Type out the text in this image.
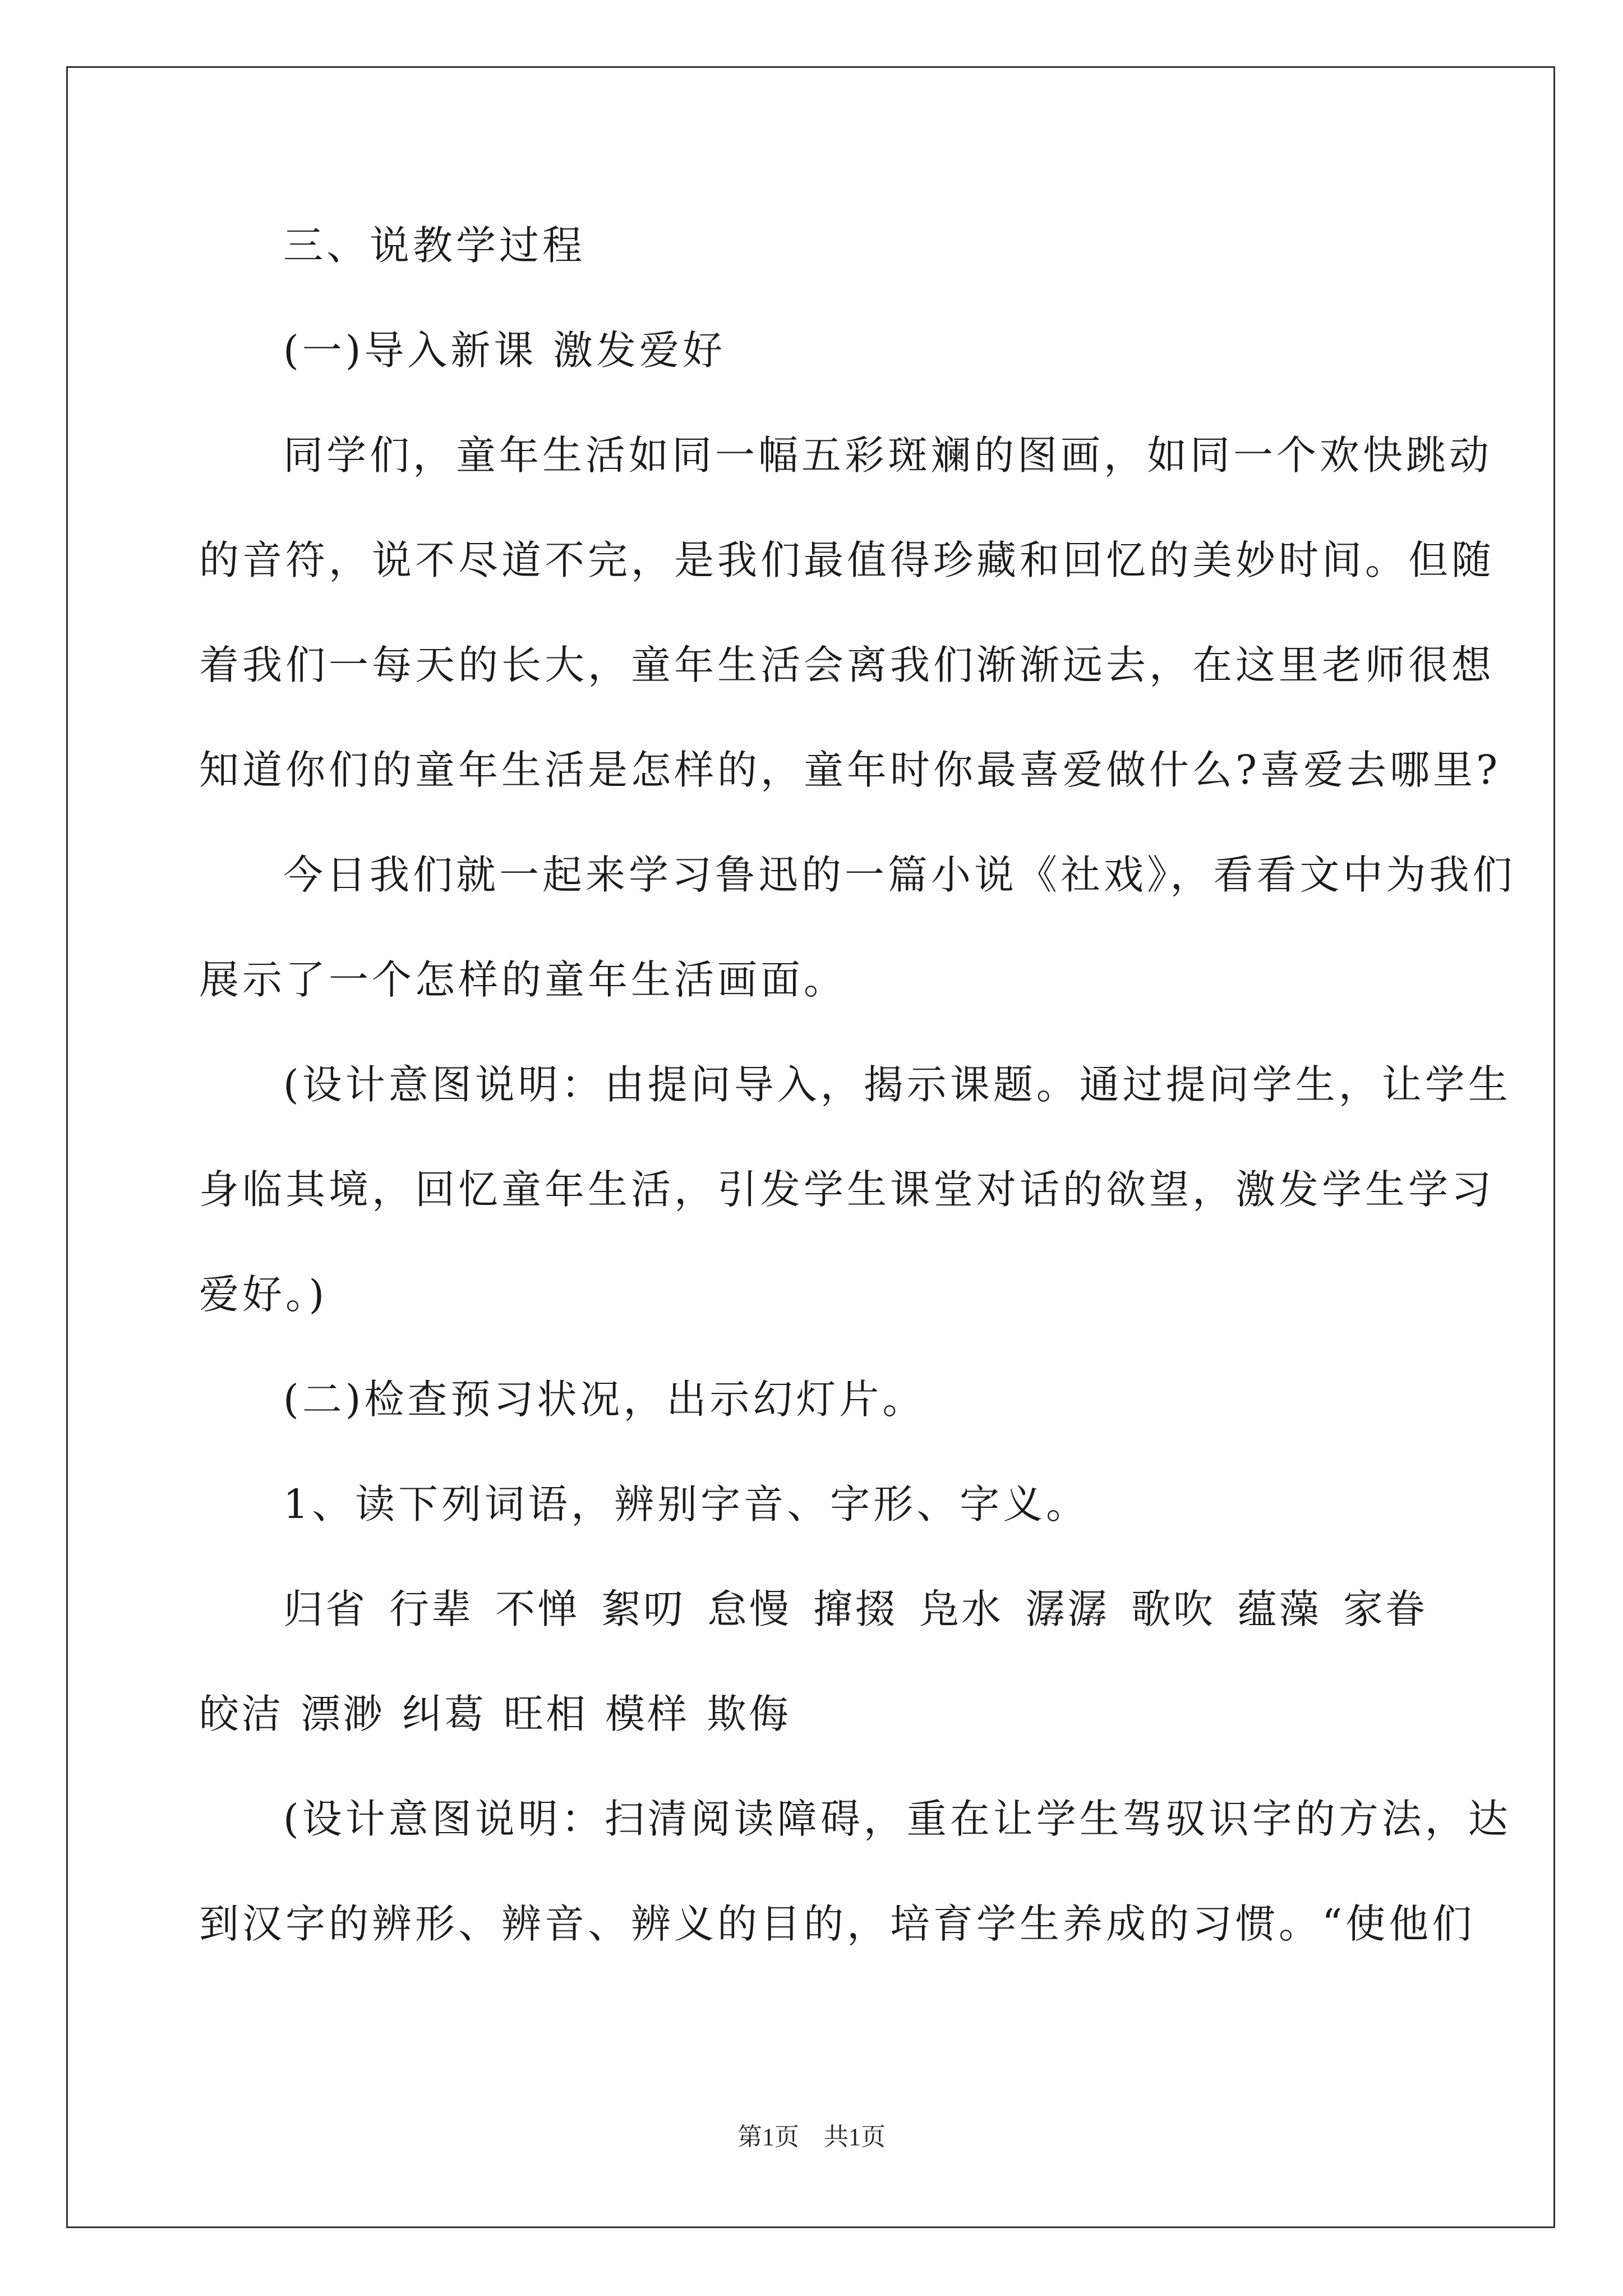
三、说教学过程
(一)导入新课 激发爱好
同学们，童年生活如同一幅五彩斑斓的图画，如同一个欢快跳动
的音符，说不尽道不完，是我们最值得珍藏和回忆的美妙时间。但随
着我们一每天的长大，童年生活会离我们渐渐远去，在这里老师很想
知道你们的童年生活是怎样的，童年时你最喜爱做什么?喜爱去哪里?
今日我们就一起来学习鲁迅的一篇小说《社戏》，看看文中为我们
展示了一个怎样的童年生活画面。
(设计意图说明：由提问导入，揭示课题。通过提问学生，让学生
身临其境，回忆童年生活，引发学生课堂对话的欲望，激发学生学习
爱好。)
(二)检查预习状况，出示幻灯片。
1、读下列词语，辨别字音、字形、字义。
归省 行辈 不惮 絮叨 怠慢 撺掇 凫水 潺潺 歌吹 蕴藻 家眷
皎洁 漂渺 纠葛 旺相 模样 欺侮
(设计意图说明：扫清阅读障碍，重在让学生驾驭识字的方法，达
到汉字的辨形、辨音、辨义的目的，培育学生养成的习惯。“使他们
第1页　共1页
